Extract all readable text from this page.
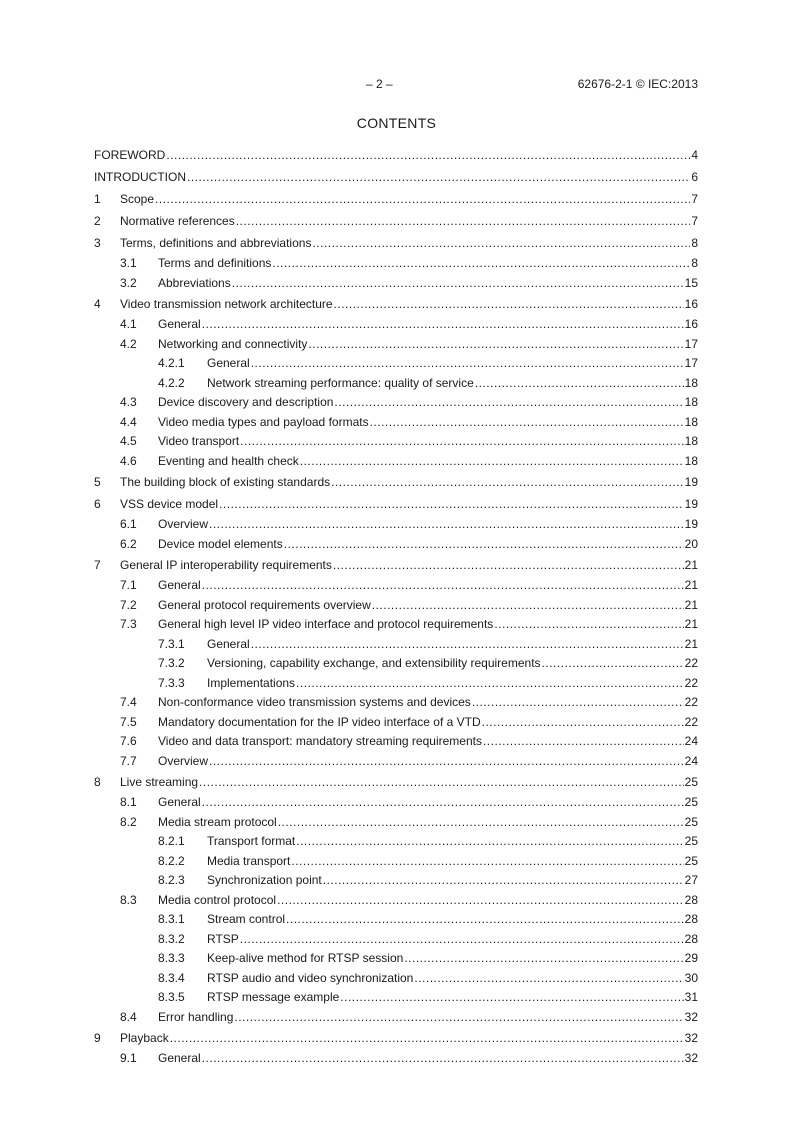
– 2 –	62676-2-1 © IEC:2013
CONTENTS
FOREWORD .....	4
INTRODUCTION .....	6
1	Scope .....	7
2	Normative references .....	7
3	Terms, definitions and abbreviations .....	8
3.1	Terms and definitions .....	8
3.2	Abbreviations .....	15
4	Video transmission network architecture .....	16
4.1	General .....	16
4.2	Networking and connectivity .....	17
4.2.1	General .....	17
4.2.2	Network streaming performance: quality of service .....	18
4.3	Device discovery and description .....	18
4.4	Video media types and payload formats .....	18
4.5	Video transport .....	18
4.6	Eventing and health check .....	18
5	The building block of existing standards .....	19
6	VSS device model .....	19
6.1	Overview .....	19
6.2	Device model elements .....	20
7	General IP interoperability requirements .....	21
7.1	General .....	21
7.2	General protocol requirements overview .....	21
7.3	General high level IP video interface and protocol requirements .....	21
7.3.1	General .....	21
7.3.2	Versioning, capability exchange, and extensibility requirements .....	22
7.3.3	Implementations .....	22
7.4	Non-conformance video transmission systems and devices .....	22
7.5	Mandatory documentation for the IP video interface of a VTD .....	22
7.6	Video and data transport: mandatory streaming requirements .....	24
7.7	Overview .....	24
8	Live streaming .....	25
8.1	General .....	25
8.2	Media stream protocol .....	25
8.2.1	Transport format .....	25
8.2.2	Media transport .....	25
8.2.3	Synchronization point .....	27
8.3	Media control protocol .....	28
8.3.1	Stream control .....	28
8.3.2	RTSP .....	28
8.3.3	Keep-alive method for RTSP session .....	29
8.3.4	RTSP audio and video synchronization .....	30
8.3.5	RTSP message example .....	31
8.4	Error handling .....	32
9	Playback .....	32
9.1	General .....	32
